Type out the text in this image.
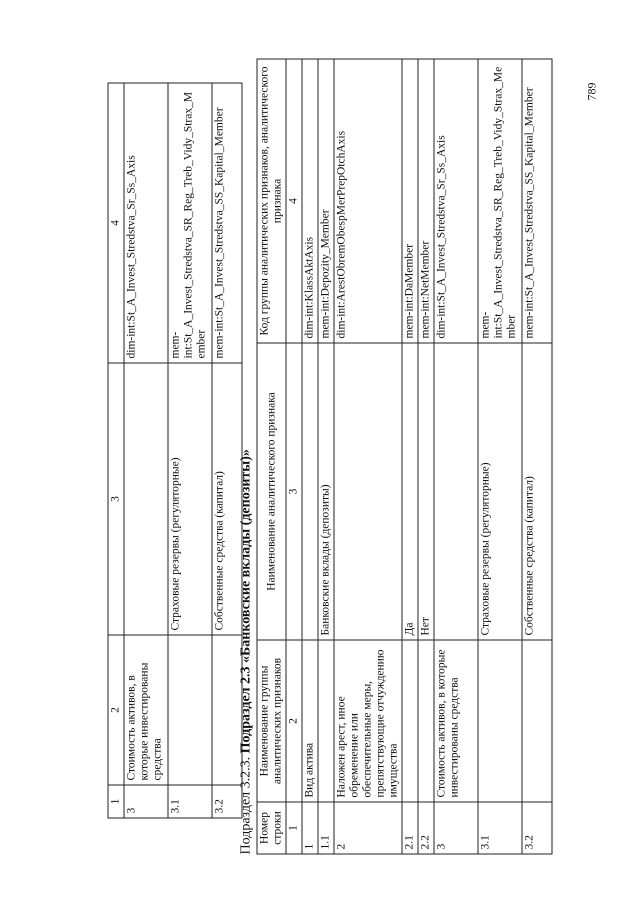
1	2	3	4
3	Стоимость активов, в которые инвестированы средства		dim-int:St_A_Invest_Stredstva_Sr_Ss_Axis
3.1		Страховые резервы (регуляторные)	mem-int:St_A_Invest_Stredstva_SR_Reg_Treb_Vidy_Strax_Member
3.2		Собственные средства (капитал)	mem-int:St_A_Invest_Stredstva_SS_Kapital_Member
Подраздел 3.2.3. Подраздел 2.3 «Банковские вклады (депозиты)»
Номер строки	Наименование группы аналитических признаков	Наименование аналитического признака	Код группы аналитических признаков, аналитического признака
1	2	3	4
1	Вид актива		dim-int:KlassAktAxis
1.1		Банковские вклады (депозиты)	mem-int:Depozity_Member
2	Наложен арест, иное обременение или обеспечительные меры, препятствующие отчуждению имущества		dim-int:ArestObremObespMerPrepOtchAxis
2.1		Да	mem-int:DaMember
2.2		Нет	mem-int:NetMember
3	Стоимость активов, в которые инвестированы средства		dim-int:St_A_Invest_Stredstva_Sr_Ss_Axis
3.1		Страховые резервы (регуляторные)	mem-int:St_A_Invest_Stredstva_SR_Reg_Treb_Vidy_Strax_Member
3.2		Собственные средства (капитал)	mem-int:St_A_Invest_Stredstva_SS_Kapital_Member	789
